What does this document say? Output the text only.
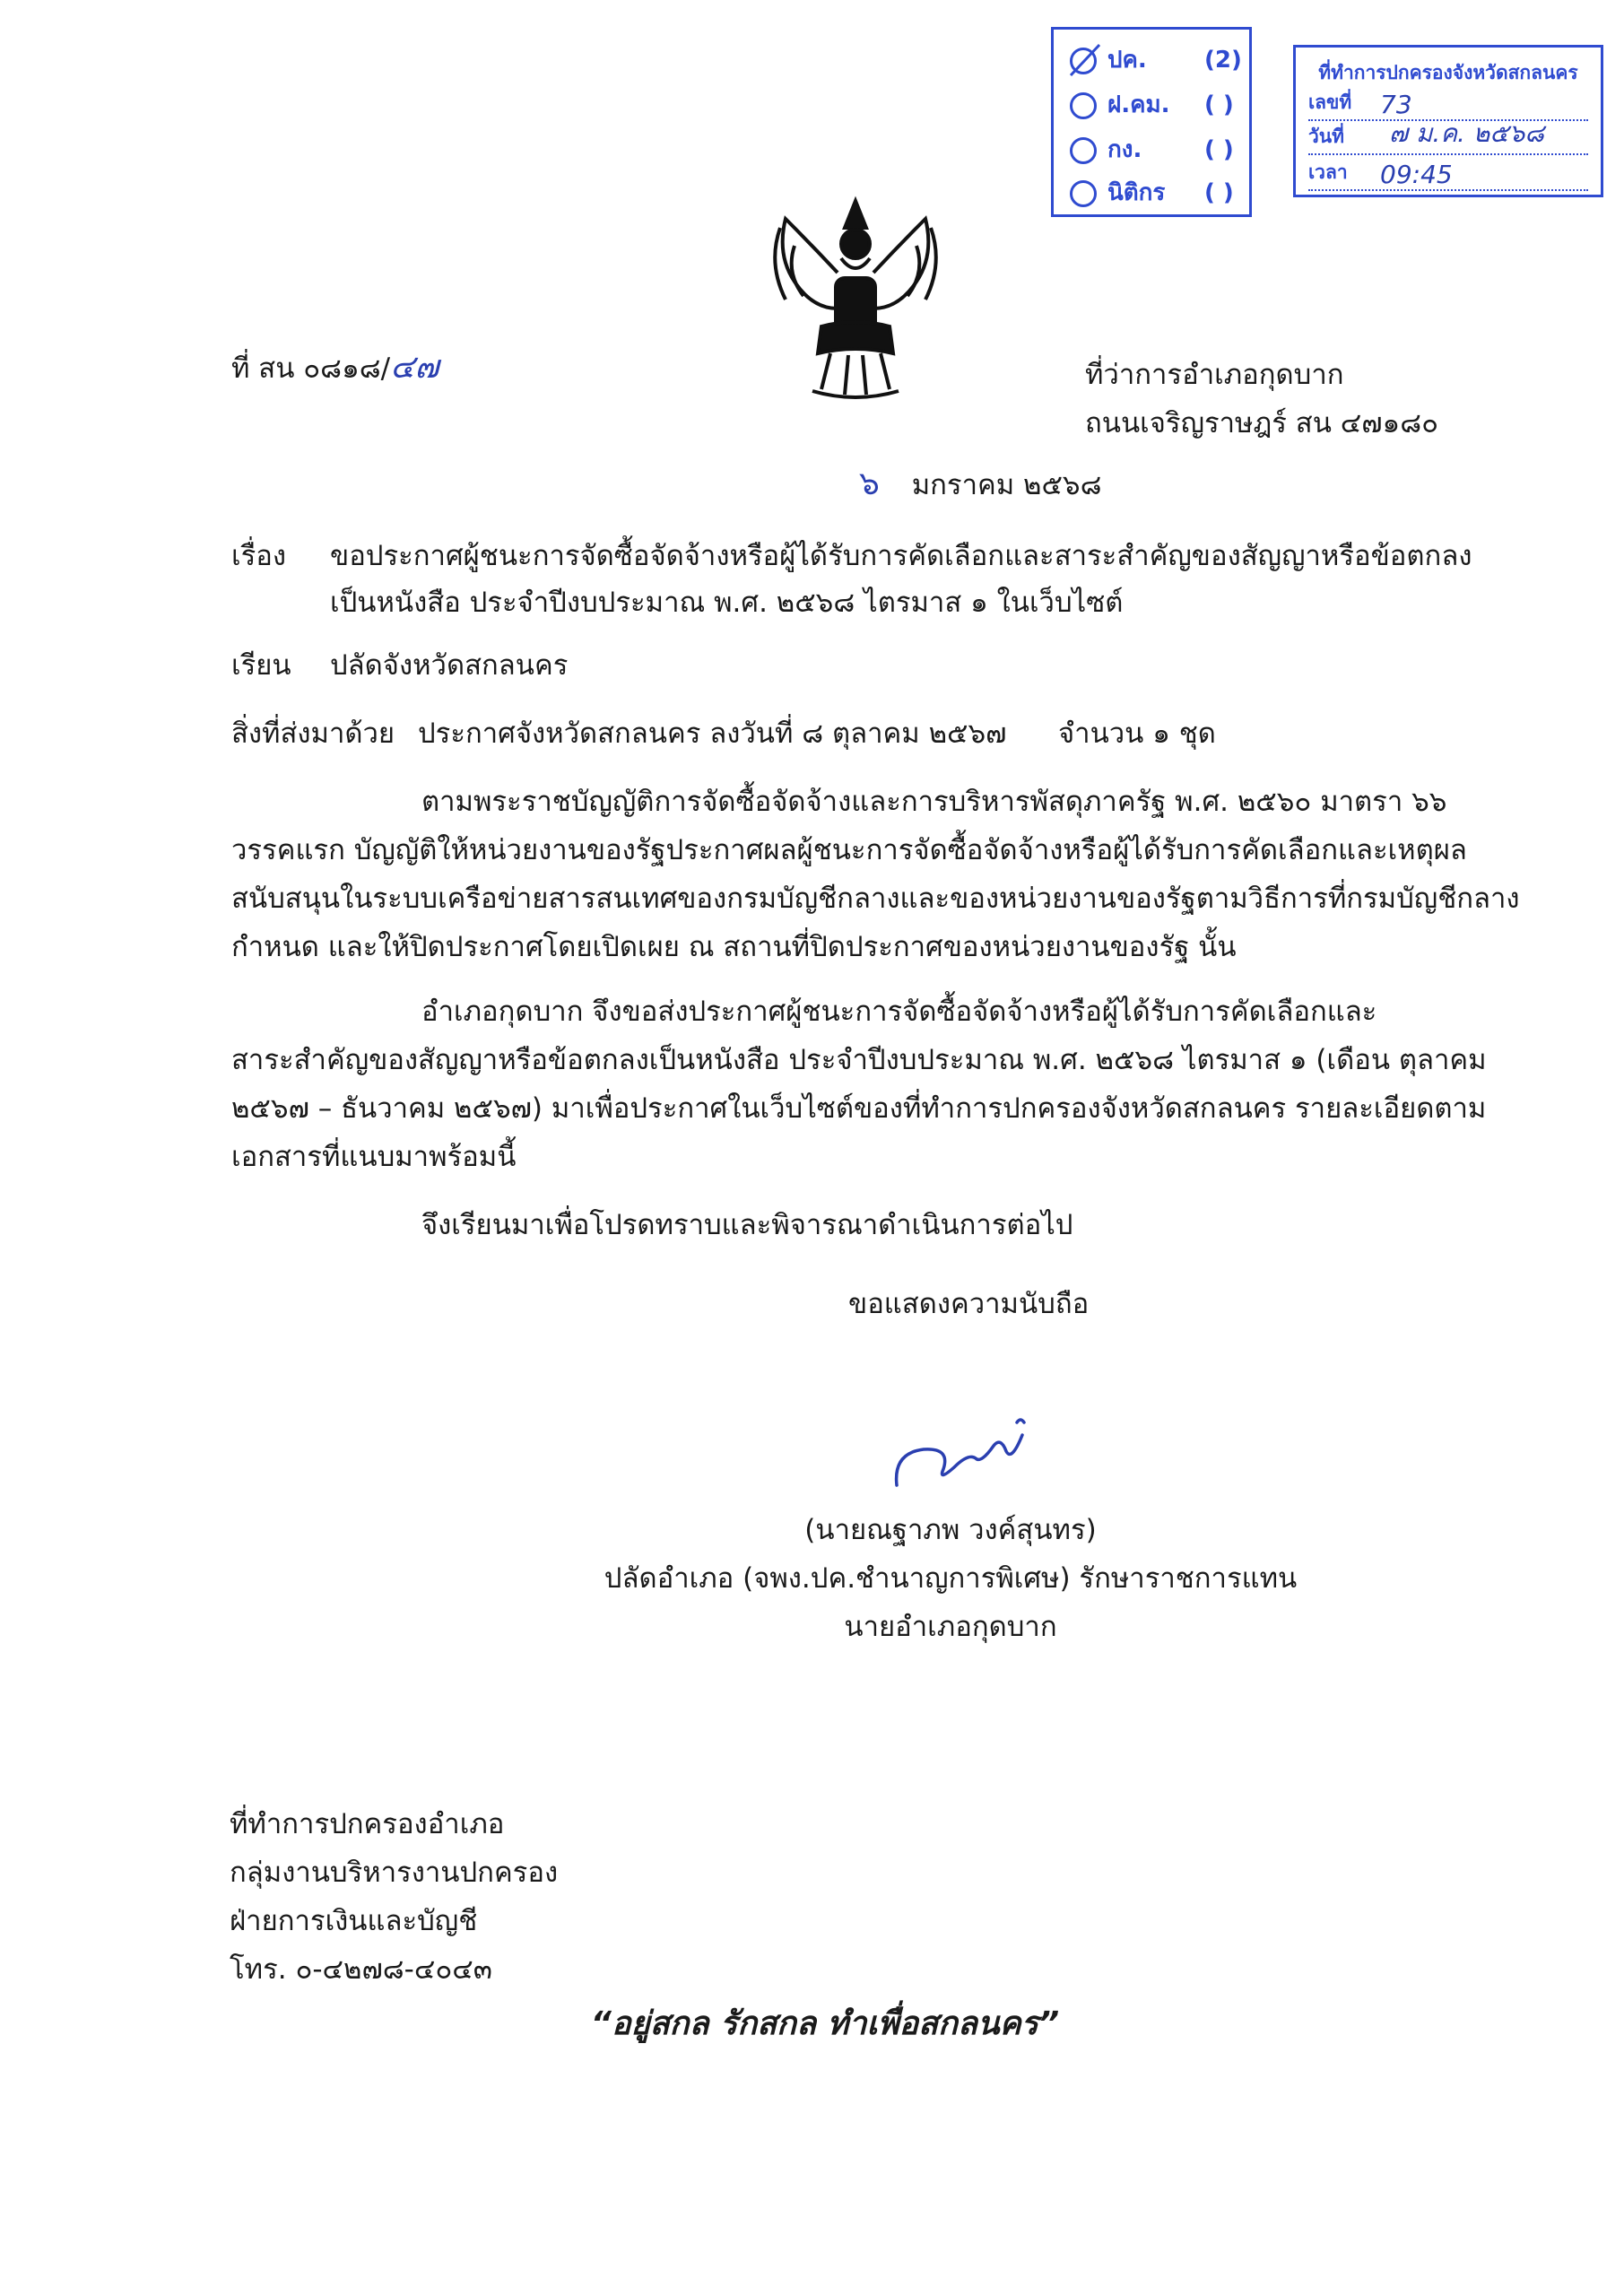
ปค. (2)
ฝ.คม. ( )
กง.	( )
นิติกร ( )
ที่ทำการปกครองจังหวัดสกลนคร
เลขที่ 73
วันที่ ๗ ม.ค. ๒๕๖๘
เวลา 09:45
ที่ สน ๐๘๑๘/๔๗	ที่ว่าการอำเภอกุดบาก
ถนนเจริญราษฎร์ สน ๔๗๑๘๐
๖ มกราคม ๒๕๖๘
เรื่อง ขอประกาศผู้ชนะการจัดซื้อจัดจ้างหรือผู้ได้รับการคัดเลือกและสาระสำคัญของสัญญาหรือข้อตกลง
เป็นหนังสือ ประจำปีงบประมาณ พ.ศ. ๒๕๖๘ ไตรมาส ๑ ในเว็บไซต์
เรียน ปลัดจังหวัดสกลนคร
สิ่งที่ส่งมาด้วย ประกาศจังหวัดสกลนคร ลงวันที่ ๘ ตุลาคม ๒๕๖๗ จำนวน ๑ ชุด
ตามพระราชบัญญัติการจัดซื้อจัดจ้างและการบริหารพัสดุภาครัฐ พ.ศ. ๒๕๖๐ มาตรา ๖๖
วรรคแรก บัญญัติให้หน่วยงานของรัฐประกาศผลผู้ชนะการจัดซื้อจัดจ้างหรือผู้ได้รับการคัดเลือกและเหตุผล
สนับสนุนในระบบเครือข่ายสารสนเทศของกรมบัญชีกลางและของหน่วยงานของรัฐตามวิธีการที่กรมบัญชีกลาง
กำหนด และให้ปิดประกาศโดยเปิดเผย ณ สถานที่ปิดประกาศของหน่วยงานของรัฐ นั้น
อำเภอกุดบาก จึงขอส่งประกาศผู้ชนะการจัดซื้อจัดจ้างหรือผู้ได้รับการคัดเลือกและ
สาระสำคัญของสัญญาหรือข้อตกลงเป็นหนังสือ ประจำปีงบประมาณ พ.ศ. ๒๕๖๘ ไตรมาส ๑ (เดือน ตุลาคม
๒๕๖๗ – ธันวาคม ๒๕๖๗) มาเพื่อประกาศในเว็บไซต์ของที่ทำการปกครองจังหวัดสกลนคร รายละเอียดตาม
เอกสารที่แนบมาพร้อมนี้
จึงเรียนมาเพื่อโปรดทราบและพิจารณาดำเนินการต่อไป
ขอแสดงความนับถือ
(นายณฐาภพ วงค์สุนทร)
ปลัดอำเภอ (จพง.ปค.ชำนาญการพิเศษ) รักษาราชการแทน
นายอำเภอกุดบาก
ที่ทำการปกครองอำเภอ
กลุ่มงานบริหารงานปกครอง
ฝ่ายการเงินและบัญชี
โทร. ๐-๔๒๗๘-๔๐๔๓
“อยู่สกล รักสกล ทำเพื่อสกลนคร”
